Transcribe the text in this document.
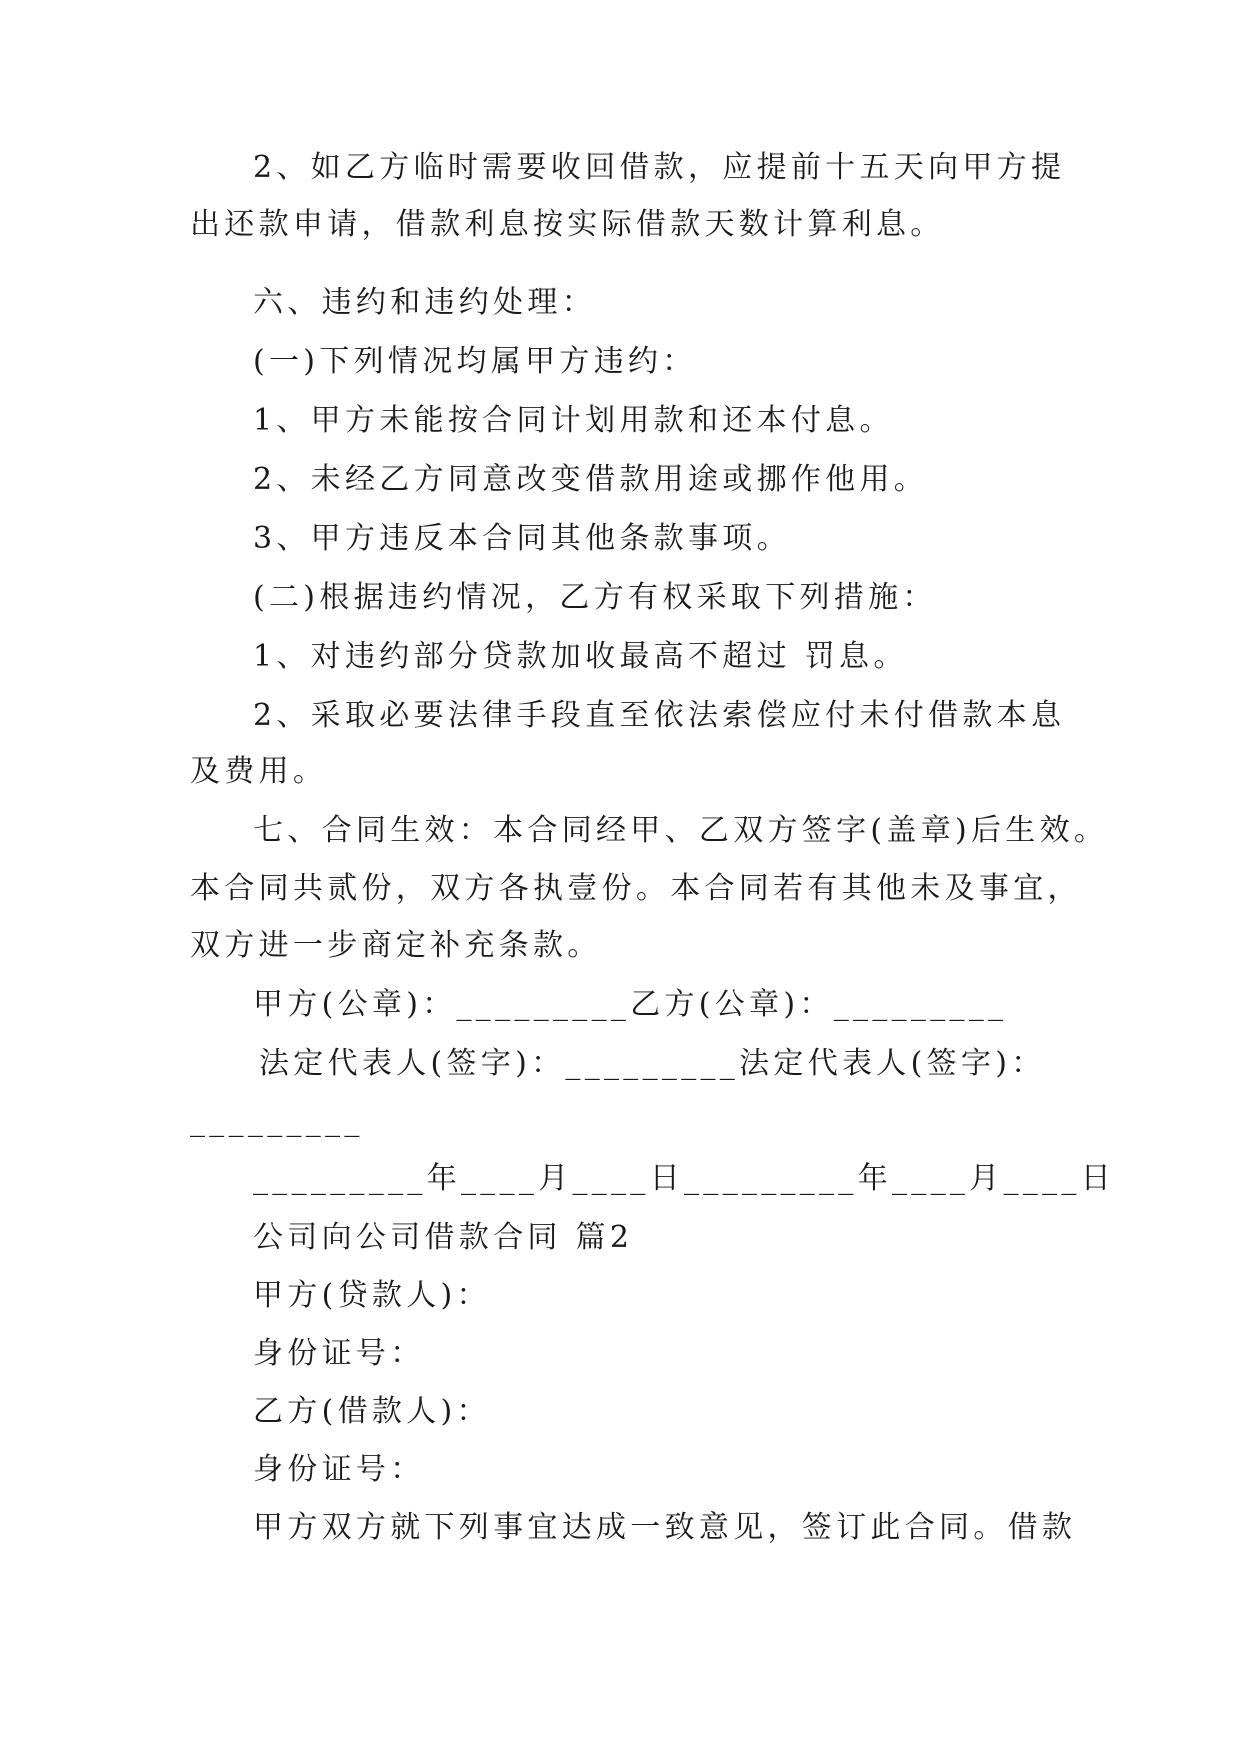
2、如乙方临时需要收回借款，应提前十五天向甲方提
出还款申请，借款利息按实际借款天数计算利息。
六、违约和违约处理：
(一)下列情况均属甲方违约：
1、甲方未能按合同计划用款和还本付息。
2、未经乙方同意改变借款用途或挪作他用。
3、甲方违反本合同其他条款事项。
(二)根据违约情况，乙方有权采取下列措施：
1、对违约部分贷款加收最高不超过 罚息。
2、采取必要法律手段直至依法索偿应付未付借款本息
及费用。
七、合同生效：本合同经甲、乙双方签字(盖章)后生效。
本合同共贰份，双方各执壹份。本合同若有其他未及事宜，
双方进一步商定补充条款。
甲方(公章)：_________乙方(公章)：_________
法定代表人(签字)：_________法定代表人(签字)：
_________
_________年____月____日_________年____月____日
公司向公司借款合同 篇2
甲方(贷款人)：
身份证号：
乙方(借款人)：
身份证号：
甲方双方就下列事宜达成一致意见，签订此合同。借款
